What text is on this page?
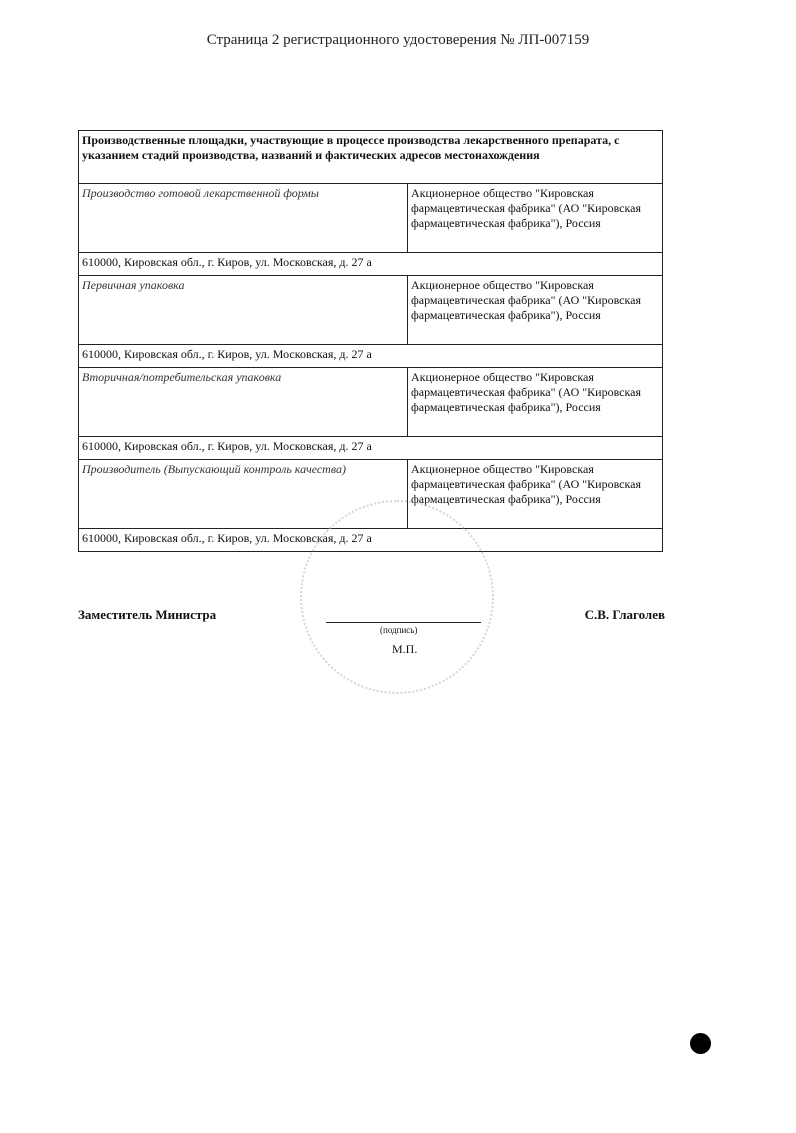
Страница 2 регистрационного удостоверения № ЛП-007159
Производственные площадки, участвующие в процессе производства лекарственного препарата, с указанием стадий производства, названий и фактических адресов местонахождения	
Производство готовой лекарственной формы	Акционерное общество "Кировская фармацевтическая фабрика" (АО "Кировская фармацевтическая фабрика"), Россия
610000, Кировская обл., г. Киров, ул. Московская, д. 27 а	
Первичная упаковка	Акционерное общество "Кировская фармацевтическая фабрика" (АО "Кировская фармацевтическая фабрика"), Россия
610000, Кировская обл., г. Киров, ул. Московская, д. 27 а	
Вторичная/потребительская упаковка	Акционерное общество "Кировская фармацевтическая фабрика" (АО "Кировская фармацевтическая фабрика"), Россия
610000, Кировская обл., г. Киров, ул. Московская, д. 27 а	
Производитель (Выпускающий контроль качества)	Акционерное общество "Кировская фармацевтическая фабрика" (АО "Кировская фармацевтическая фабрика"), Россия
610000, Кировская обл., г. Киров, ул. Московская, д. 27 а	
Заместитель Министра
(подпись)
М.П.
С.В. Глаголев
